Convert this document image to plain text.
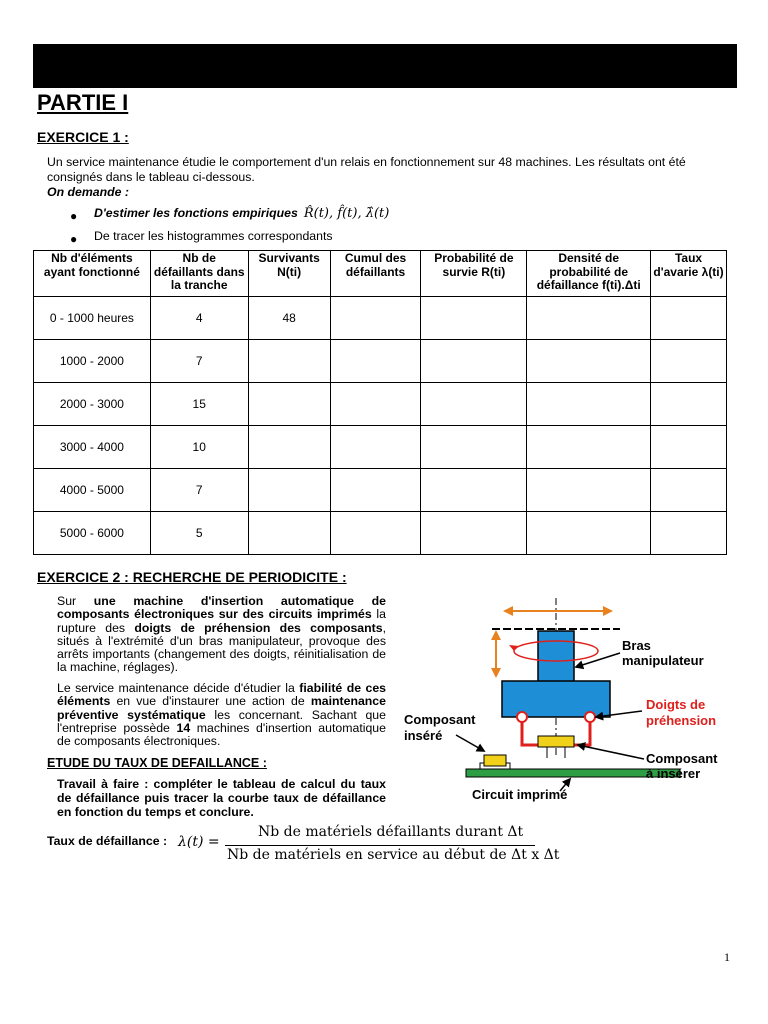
PARTIE I
EXERCICE 1 :

Un service maintenance étudie le comportement d'un relais en fonctionnement sur 48 machines. Les résultats ont été consignés dans le tableau ci-dessous.

On demande :

● D'estimer les fonctions empiriques R̂(t), f̂(t), λ̂(t)
● De tracer les histogrammes correspondants
Nb d'éléments ayant fonctionné	Nb de défaillants dans la tranche	Survivants N(ti)	Cumul des défaillants	Probabilité de survie R(ti)	Densité de probabilité de défaillance f(ti).Δti	Taux d'avarie λ(ti)
0 - 1000 heures	4	48				
1000 - 2000	7					
2000 - 3000	15					
3000 - 4000	10					
4000 - 5000	7					
5000 - 6000	5					
EXERCICE 2 : RECHERCHE DE PERIODICITE :

Sur une machine d'insertion automatique de composants électroniques sur des circuits imprimés la rupture des doigts de préhension des composants, situés à l'extrémité d'un bras manipulateur, provoque des arrêts importants (changement des doigts, réinitialisation de la machine, réglages).

Le service maintenance décide d'étudier la fiabilité de ces éléments en vue d'instaurer une action de maintenance préventive systématique les concernant. Sachant que l'entreprise possède 14 machines d'insertion automatique de composants électroniques.

ETUDE DU TAUX DE DEFAILLANCE :

Travail à faire : compléter le tableau de calcul du taux de défaillance puis tracer la courbe taux de défaillance en fonction du temps et conclure.

Taux de défaillance : λ(t) =
Nb de matériels défaillants durant Δt
Nb de matériels en service au début de Δt x Δt
Bras
manipulateur
Doigts de
préhension
Composant
inséré
Composant
à insérer
Circuit imprimé

1
